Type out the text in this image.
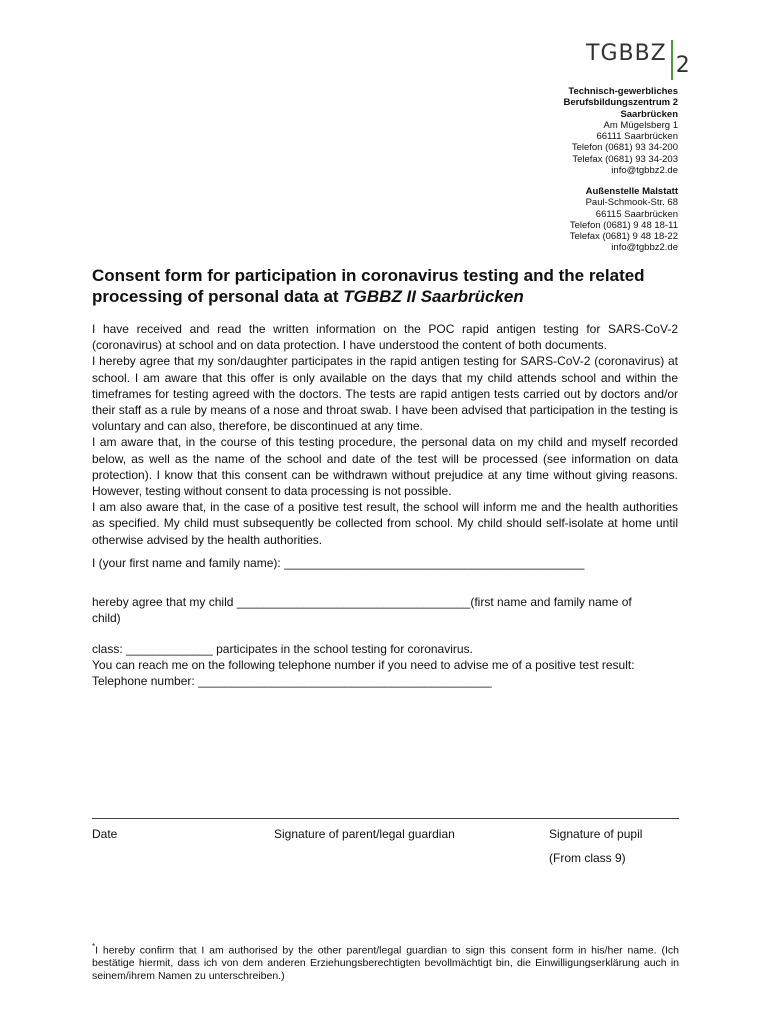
TGBBZ 2
Technisch-gewerbliches
Berufsbildungszentrum 2
Saarbrücken
Am Mügelsberg 1
66111 Saarbrücken
Telefon (0681) 93 34-200
Telefax (0681) 93 34-203
info@tgbbz2.de
Außenstelle Malstatt
Paul-Schmook-Str. 68
66115 Saarbrücken
Telefon (0681) 9 48 18-11
Telefax (0681) 9 48 18-22
info@tgbbz2.de
Consent form for participation in coronavirus testing and the related processing of personal data at TGBBZ II Saarbrücken

I have received and read the written information on the POC rapid antigen testing for SARS-CoV-2 (coronavirus) at school and on data protection. I have understood the content of both documents.

I hereby agree that my son/daughter participates in the rapid antigen testing for SARS-CoV-2 (coronavirus) at school. I am aware that this offer is only available on the days that my child attends school and within the timeframes for testing agreed with the doctors. The tests are rapid antigen tests carried out by doctors and/or their staff as a rule by means of a nose and throat swab. I have been advised that participation in the testing is voluntary and can also, therefore, be discontinued at any time.

I am aware that, in the course of this testing procedure, the personal data on my child and myself recorded below, as well as the name of the school and date of the test will be processed (see information on data protection). I know that this consent can be withdrawn without prejudice at any time without giving reasons. However, testing without consent to data processing is not possible.

I am also aware that, in the case of a positive test result, the school will inform me and the health authorities as specified. My child must subsequently be collected from school. My child should self-isolate at home until otherwise advised by the health authorities.

I (your first name and family name): _____________________________________________
hereby agree that my child ___________________________________(first name and family name of
child)
class: _____________ participates in the school testing for coronavirus.
You can reach me on the following telephone number if you need to advise me of a positive test result:
Telephone number: ____________________________________________
Date	Signature of parent/legal guardian	Signature of pupil
(From class 9)

*I hereby confirm that I am authorised by the other parent/legal guardian to sign this consent form in his/her name. (Ich bestätige hiermit, dass ich von dem anderen Erziehungsberechtigten bevollmächtigt bin, die Einwilligungserklärung auch in seinem/ihrem Namen zu unterschreiben.)
